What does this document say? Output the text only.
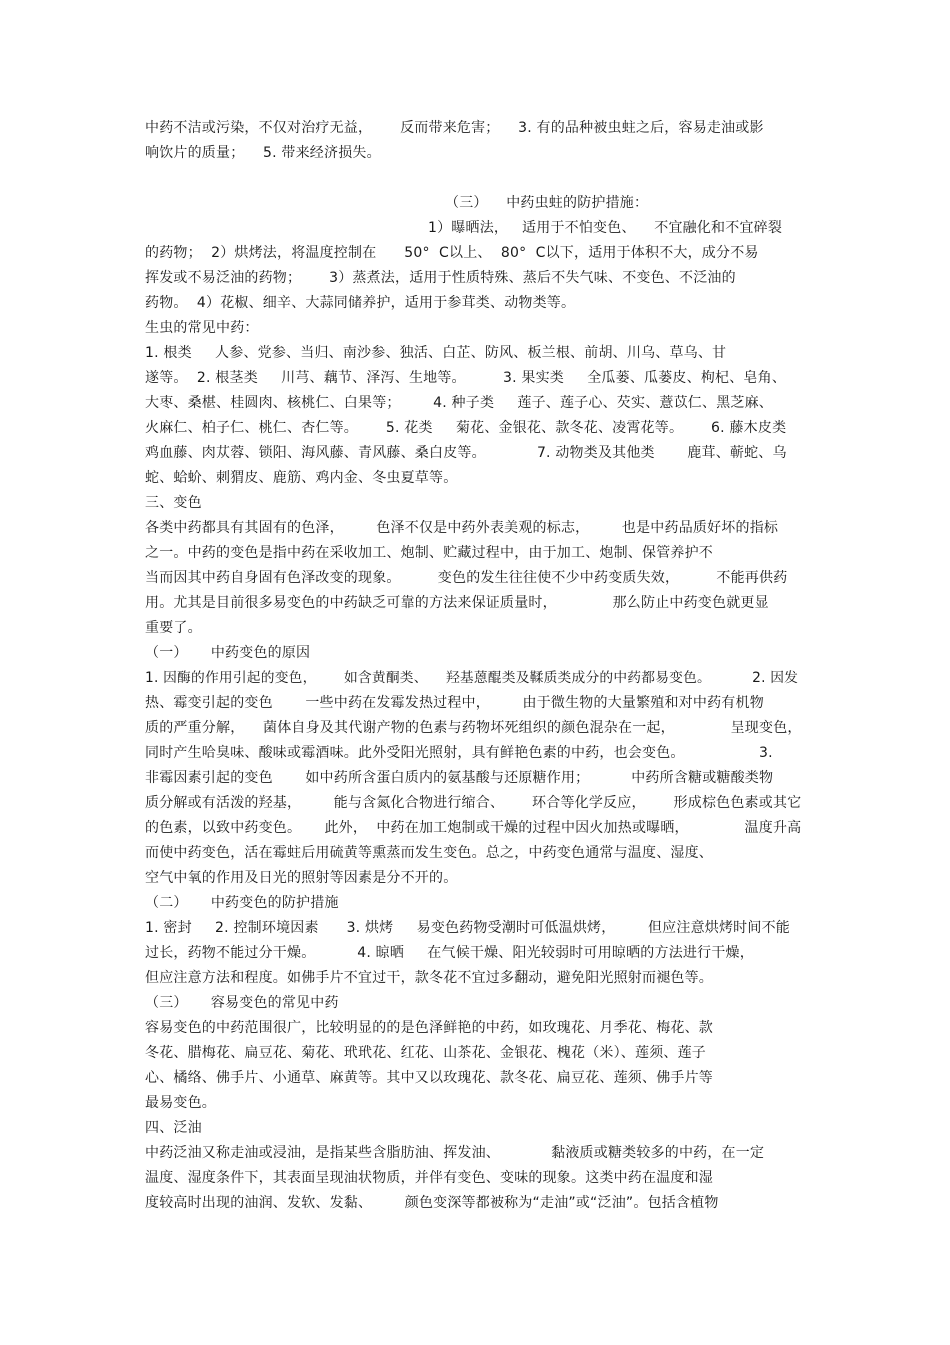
中药不洁或污染，不仅对治疗无益，      反而带来危害；    3. 有的品种被虫蛀之后，容易走油或影
响饮片的质量；    5. 带来经济损失。
（三）    中药虫蛀的防护措施：
1）曝晒法，   适用于不怕变色、    不宜融化和不宜碎裂
的药物；  2）烘烤法，将温度控制在      50°  C以上、  80°  C以下，适用于体积不大，成分不易
挥发或不易泛油的药物；      3）蒸煮法，适用于性质特殊、蒸后不失气味、不变色、不泛油的
药物。  4）花椒、细辛、大蒜同储养护，适用于参茸类、动物类等。
生虫的常见中药：
1. 根类     人参、党参、当归、南沙参、独活、白芷、防风、板兰根、前胡、川乌、草乌、甘
遂等。  2. 根茎类     川芎、藕节、泽泻、生地等。        3. 果实类     全瓜蒌、瓜蒌皮、枸杞、皂角、
大枣、桑椹、桂圆肉、核桃仁、白果等；       4. 种子类     莲子、莲子心、芡实、薏苡仁、黑芝麻、
火麻仁、柏子仁、桃仁、杏仁等。      5. 花类     菊花、金银花、款冬花、凌霄花等。      6. 藤木皮类
鸡血藤、肉苁蓉、锁阳、海风藤、青风藤、桑白皮等。           7. 动物类及其他类       鹿茸、蕲蛇、乌
蛇、蛤蚧、刺猬皮、鹿筋、鸡内金、冬虫夏草等。
三、变色
各类中药都具有其固有的色泽，       色泽不仅是中药外表美观的标志，       也是中药品质好坏的指标
之一。中药的变色是指中药在采收加工、炮制、贮藏过程中，由于加工、炮制、保管养护不
当而因其中药自身固有色泽改变的现象。        变色的发生往往使不少中药变质失效，        不能再供药
用。尤其是目前很多易变色的中药缺乏可靠的方法来保证质量时，            那么防止中药变色就更显
重要了。
（一）     中药变色的原因
1. 因酶的作用引起的变色，      如含黄酮类、    羟基蒽醌类及鞣质类成分的中药都易变色。         2. 因发
热、霉变引起的变色       一些中药在发霉发热过程中，       由于微生物的大量繁殖和对中药有机物
质的严重分解，    菌体自身及其代谢产物的色素与药物坏死组织的颜色混杂在一起，            呈现变色，
同时产生哈臭味、酸味或霉酒味。此外受阳光照射，具有鲜艳色素的中药，也会变色。                3.
非霉因素引起的变色       如中药所含蛋白质内的氨基酸与还原糖作用；         中药所含糖或糖酸类物
质分解或有活泼的羟基，       能与含氮化合物进行缩合、      环合等化学反应，      形成棕色色素或其它
的色素，以致中药变色。     此外，  中药在加工炮制或干燥的过程中因火加热或曝晒，            温度升高
而使中药变色，活在霉蛀后用硫黄等熏蒸而发生变色。总之，中药变色通常与温度、湿度、
空气中氧的作用及日光的照射等因素是分不开的。
（二）     中药变色的防护措施
1. 密封     2. 控制环境因素      3. 烘烤     易变色药物受潮时可低温烘烤，       但应注意烘烤时间不能
过长，药物不能过分干燥。         4. 晾晒     在气候干燥、阳光较弱时可用晾晒的方法进行干燥，
但应注意方法和程度。如佛手片不宜过干，款冬花不宜过多翻动，避免阳光照射而褪色等。
（三）     容易变色的常见中药
容易变色的中药范围很广，比较明显的的是色泽鲜艳的中药，如玫瑰花、月季花、梅花、款
冬花、腊梅花、扁豆花、菊花、玳玳花、红花、山茶花、金银花、槐花（米）、莲须、莲子
心、橘络、佛手片、小通草、麻黄等。其中又以玫瑰花、款冬花、扁豆花、莲须、佛手片等
最易变色。
四、泛油
中药泛油又称走油或浸油，是指某些含脂肪油、挥发油、           黏液质或糖类较多的中药，在一定
温度、湿度条件下，其表面呈现油状物质，并伴有变色、变味的现象。这类中药在温度和湿
度较高时出现的油润、发软、发黏、       颜色变深等都被称为“走油”或“泛油”。包括含植物
